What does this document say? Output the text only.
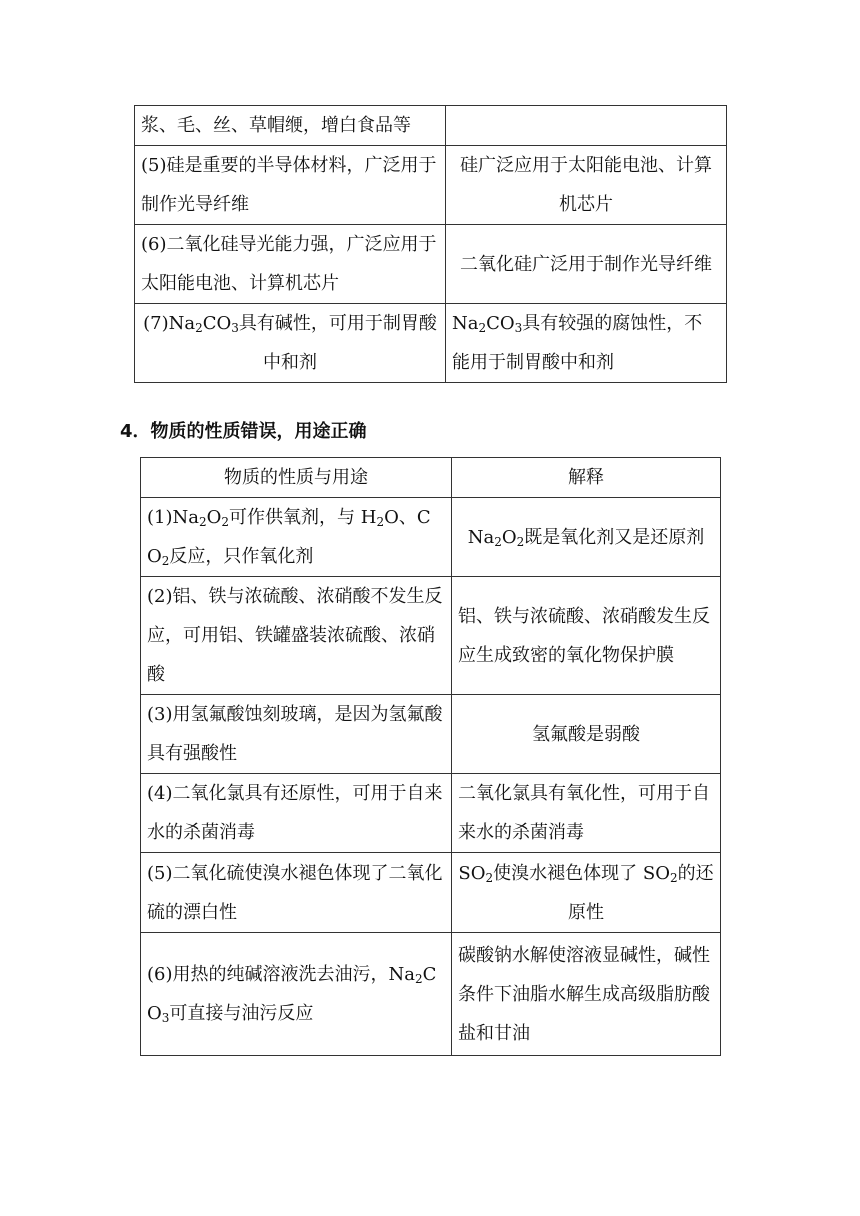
浆、毛、丝、草帽缏，增白食品等	
(5)硅是重要的半导体材料，广泛用于制作光导纤维	硅广泛应用于太阳能电池、计算机芯片
(6)二氧化硅导光能力强，广泛应用于太阳能电池、计算机芯片	二氧化硅广泛用于制作光导纤维
$(7)Na_2CO_3$具有碱性，可用于制胃酸中和剂	$Na_2CO_3$具有较强的腐蚀性，不能用于制胃酸中和剂
4．物质的性质错误，用途正确
物质的性质与用途	解释
$(1)Na_2O_2$可作供氧剂，与 $H_2O$、$CO_2$反应，只作氧化剂	$Na_2O_2$既是氧化剂又是还原剂
(2)铝、铁与浓硫酸、浓硝酸不发生反应，可用铝、铁罐盛装浓硫酸、浓硝酸	铝、铁与浓硫酸、浓硝酸发生反应生成致密的氧化物保护膜
(3)用氢氟酸蚀刻玻璃，是因为氢氟酸具有强酸性	氢氟酸是弱酸
(4)二氧化氯具有还原性，可用于自来水的杀菌消毒	二氧化氯具有氧化性，可用于自来水的杀菌消毒
(5)二氧化硫使溴水褪色体现了二氧化硫的漂白性	$SO_2$使溴水褪色体现了 $SO_2$的还原性
(6)用热的纯碱溶液洗去油污，$Na_2CO_3$可直接与油污反应	碳酸钠水解使溶液显碱性，碱性条件下油脂水解生成高级脂肪酸盐和甘油
